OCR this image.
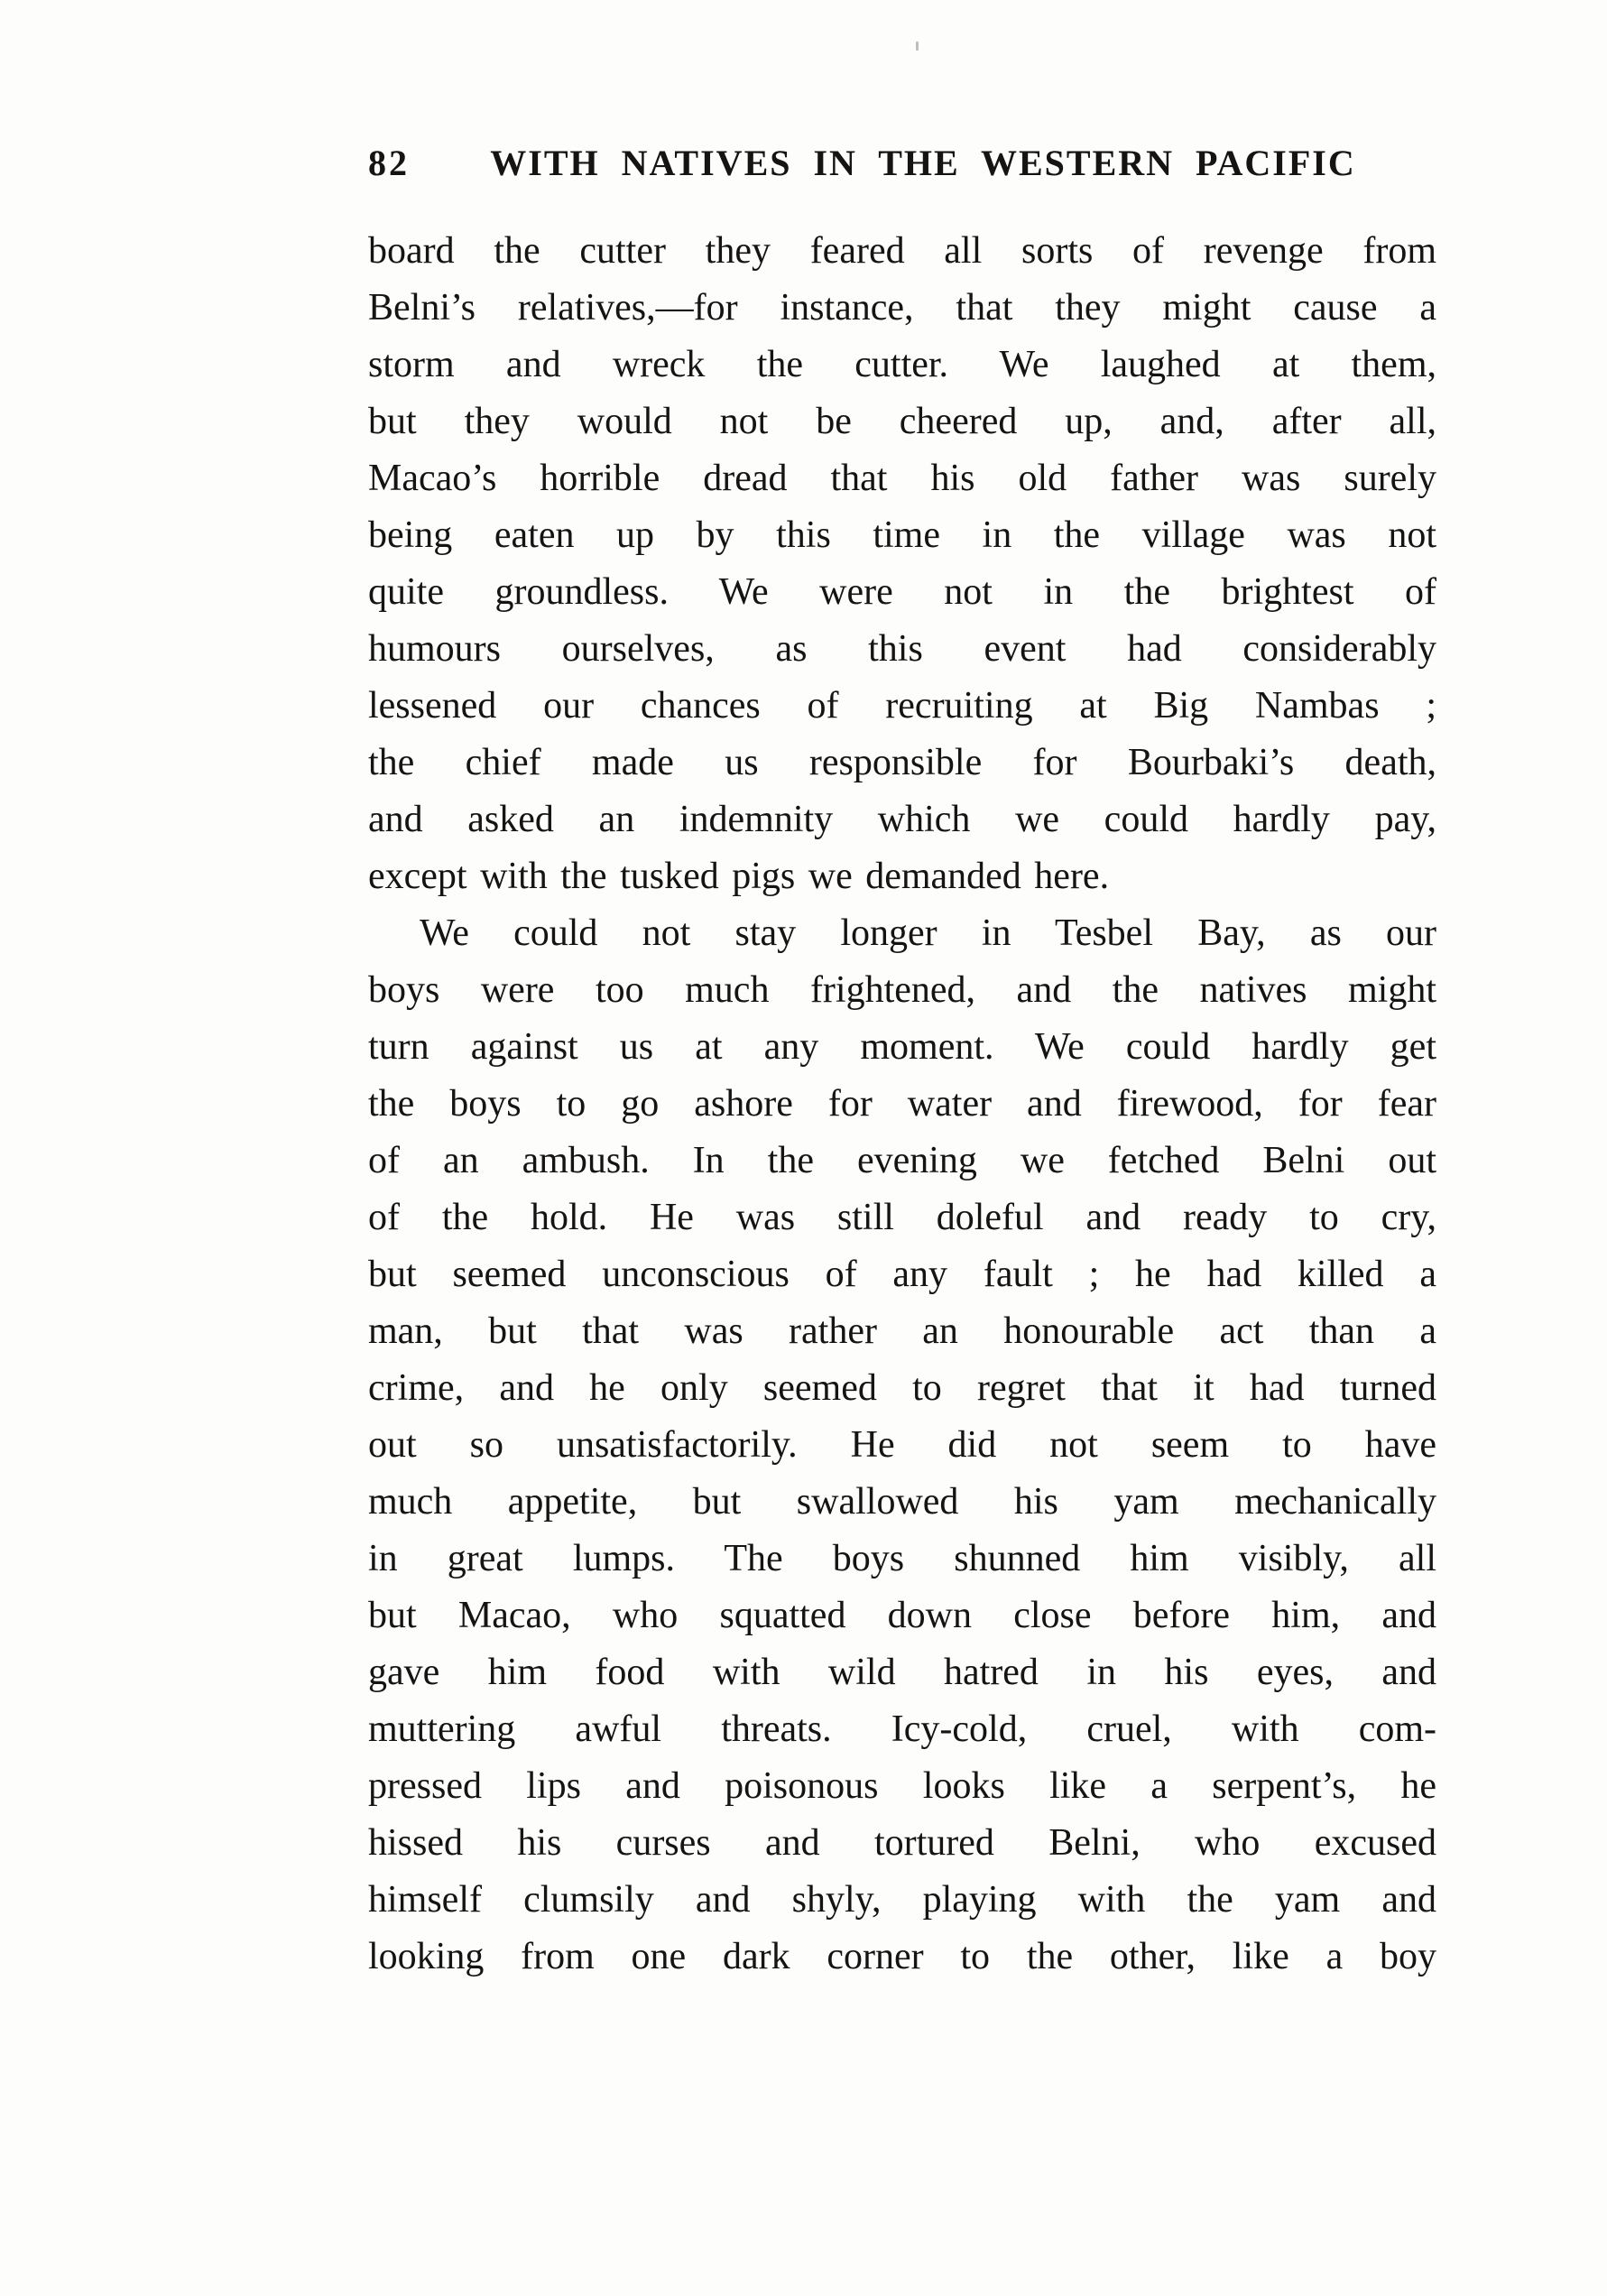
82	WITH NATIVES IN THE WESTERN PACIFIC
board the cutter they feared all sorts of revenge from
Belni’s relatives,—for instance, that they might cause a
storm and wreck the cutter. We laughed at them,
but they would not be cheered up, and, after all,
Macao’s horrible dread that his old father was surely
being eaten up by this time in the village was not
quite groundless. We were not in the brightest of
humours ourselves, as this event had considerably
lessened our chances of recruiting at Big Nambas ;
the chief made us responsible for Bourbaki’s death,
and asked an indemnity which we could hardly pay,
except with the tusked pigs we demanded here.
We could not stay longer in Tesbel Bay, as our
boys were too much frightened, and the natives might
turn against us at any moment. We could hardly get
the boys to go ashore for water and firewood, for fear
of an ambush. In the evening we fetched Belni out
of the hold. He was still doleful and ready to cry,
but seemed unconscious of any fault ; he had killed a
man, but that was rather an honourable act than a
crime, and he only seemed to regret that it had turned
out so unsatisfactorily. He did not seem to have
much appetite, but swallowed his yam mechanically
in great lumps. The boys shunned him visibly, all
but Macao, who squatted down close before him, and
gave him food with wild hatred in his eyes, and
muttering awful threats. Icy-cold, cruel, with com-
pressed lips and poisonous looks like a serpent’s, he
hissed his curses and tortured Belni, who excused
himself clumsily and shyly, playing with the yam and
looking from one dark corner to the other, like a boy
